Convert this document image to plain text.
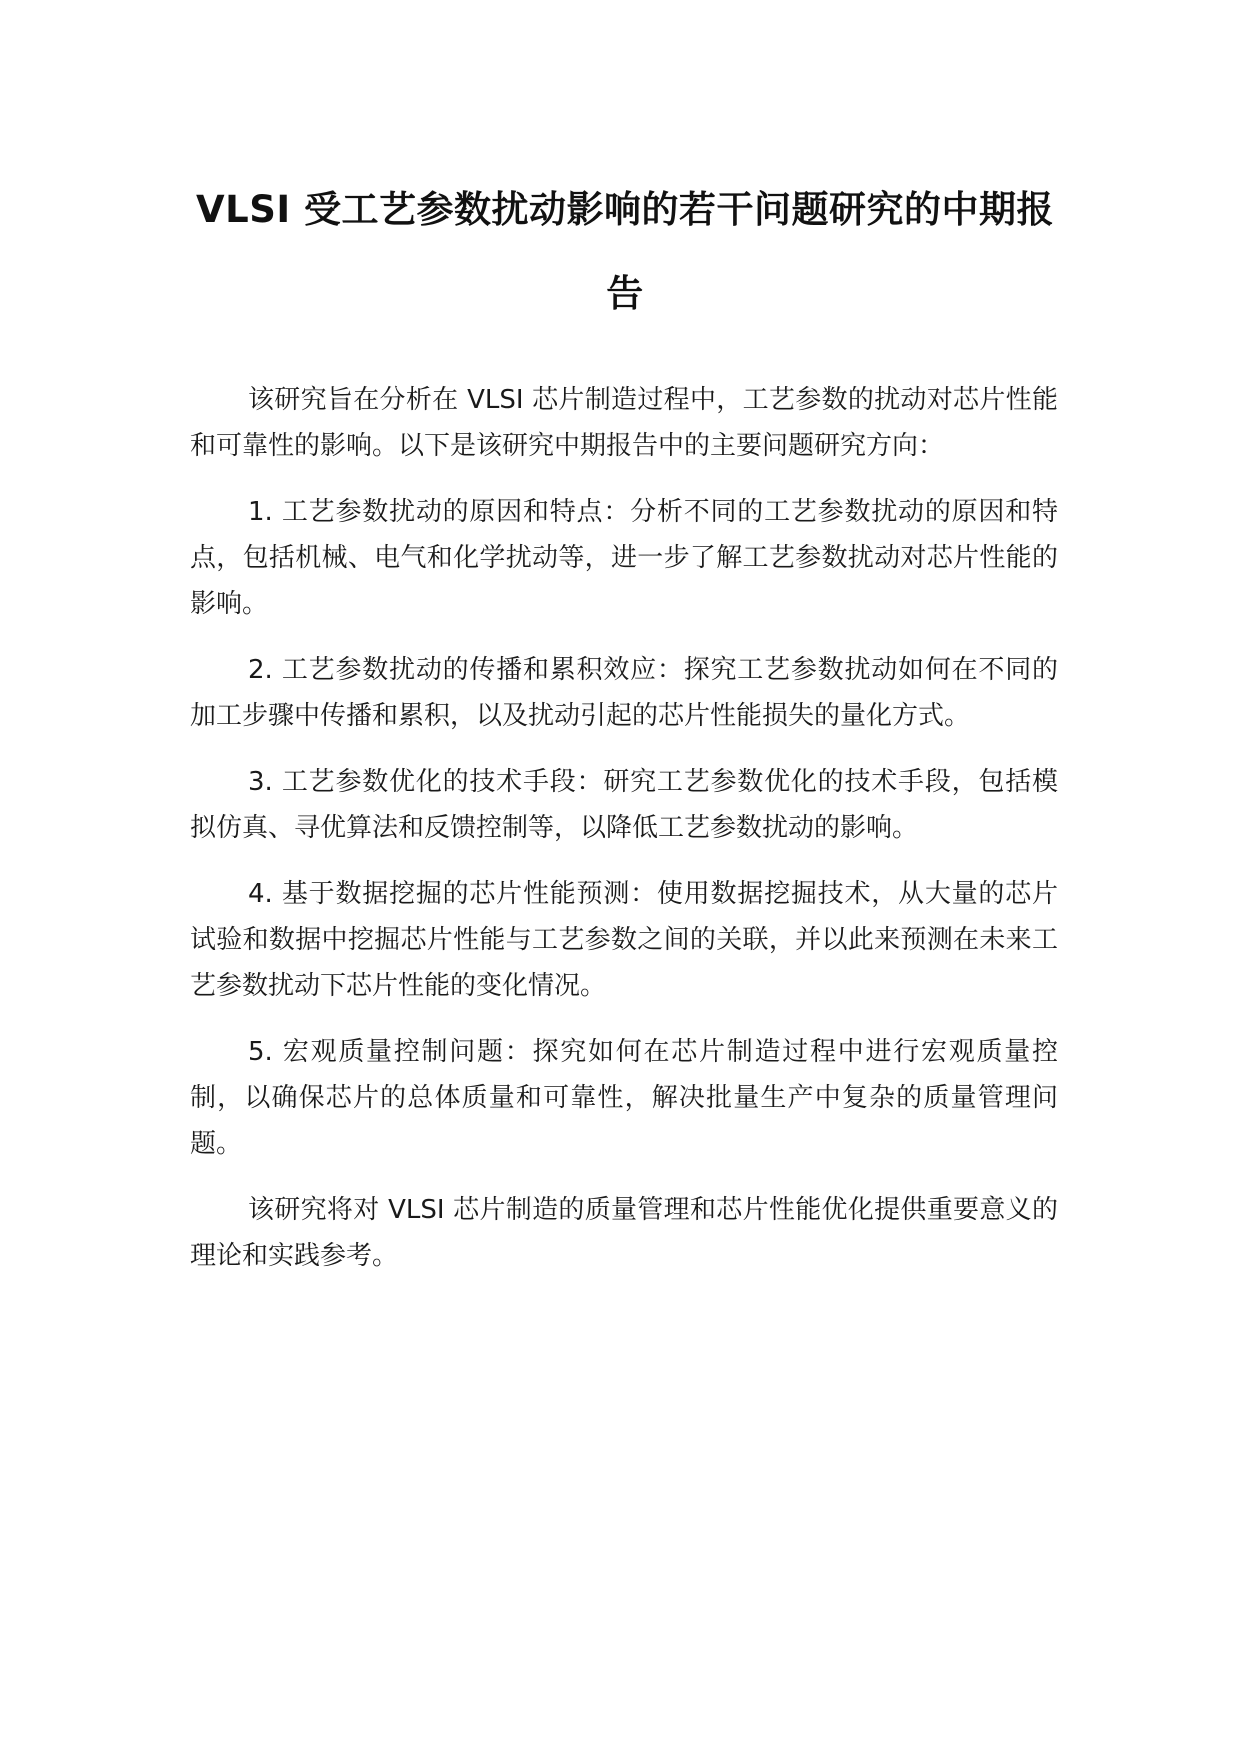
VLSI 受工艺参数扰动影响的若干问题研究的中期报告

该研究旨在分析在 VLSI 芯片制造过程中，工艺参数的扰动对芯片性能和可靠性的影响。以下是该研究中期报告中的主要问题研究方向：

1. 工艺参数扰动的原因和特点：分析不同的工艺参数扰动的原因和特点，包括机械、电气和化学扰动等，进一步了解工艺参数扰动对芯片性能的影响。

2. 工艺参数扰动的传播和累积效应：探究工艺参数扰动如何在不同的加工步骤中传播和累积，以及扰动引起的芯片性能损失的量化方式。

3. 工艺参数优化的技术手段：研究工艺参数优化的技术手段，包括模拟仿真、寻优算法和反馈控制等，以降低工艺参数扰动的影响。

4. 基于数据挖掘的芯片性能预测：使用数据挖掘技术，从大量的芯片试验和数据中挖掘芯片性能与工艺参数之间的关联，并以此来预测在未来工艺参数扰动下芯片性能的变化情况。

5. 宏观质量控制问题：探究如何在芯片制造过程中进行宏观质量控制，以确保芯片的总体质量和可靠性，解决批量生产中复杂的质量管理问题。

该研究将对 VLSI 芯片制造的质量管理和芯片性能优化提供重要意义的理论和实践参考。
